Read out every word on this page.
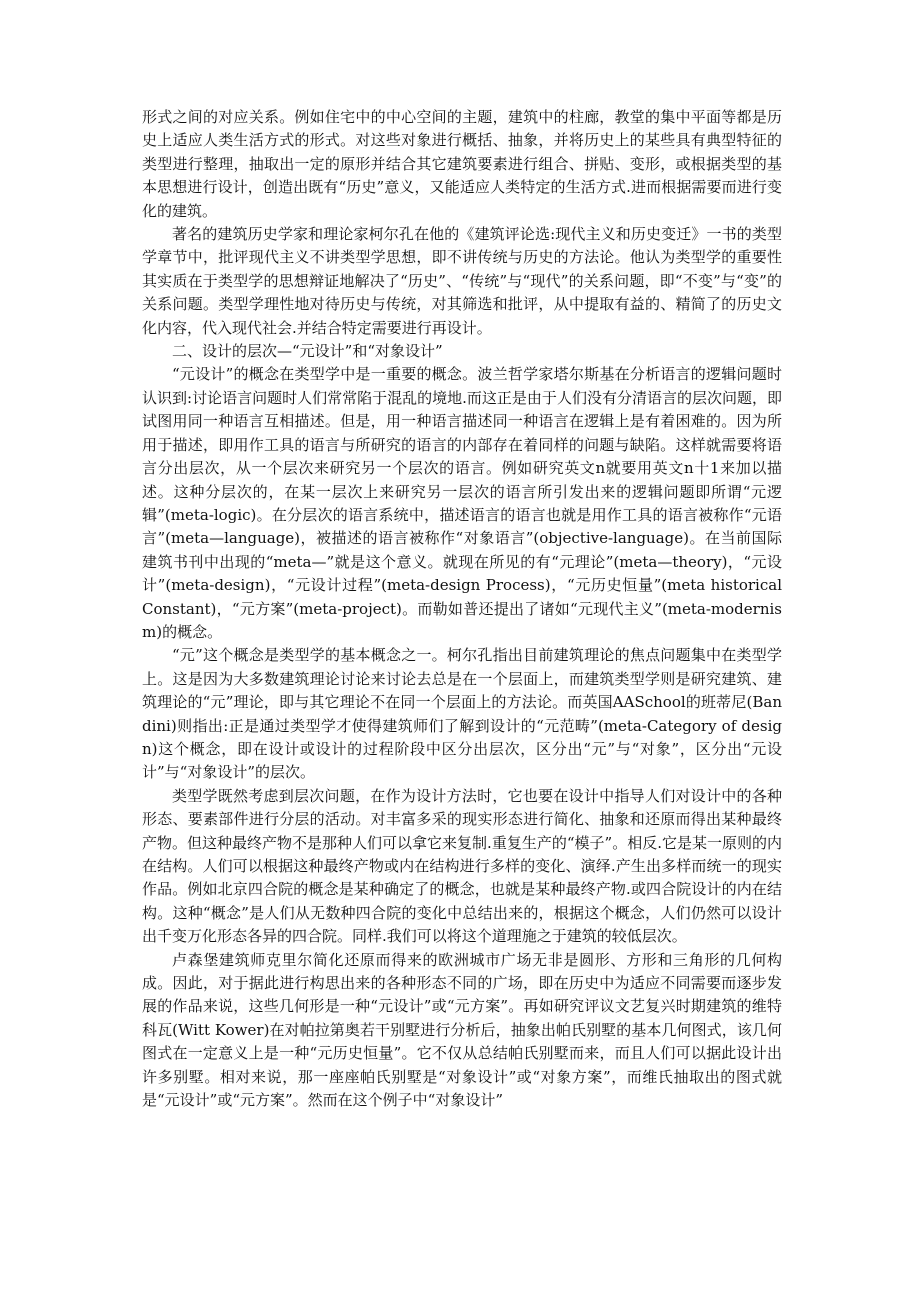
形式之间的对应关系。例如住宅中的中心空间的主题，建筑中的柱廊，教堂的集中平面等都是历史上适应人类生活方式的形式。对这些对象进行概括、抽象，并将历史上的某些具有典型特征的类型进行整理，抽取出一定的原形并结合其它建筑要素进行组合、拼贴、变形，或根据类型的基本思想进行设计，创造出既有“历史”意义，又能适应人类特定的生活方式.进而根据需要而进行变化的建筑。

著名的建筑历史学家和理论家柯尔孔在他的《建筑评论选:现代主义和历史变迁》一书的类型学章节中，批评现代主义不讲类型学思想，即不讲传统与历史的方法论。他认为类型学的重要性其实质在于类型学的思想辩证地解决了“历史”、“传统”与“现代”的关系问题，即“不变”与“变”的关系问题。类型学理性地对待历史与传统，对其筛选和批评，从中提取有益的、精简了的历史文化内容，代入现代社会.并结合特定需要进行再设计。

二、设计的层次—“元设计”和“对象设计”

“元设计”的概念在类型学中是一重要的概念。波兰哲学家塔尔斯基在分析语言的逻辑问题时认识到:讨论语言问题时人们常常陷于混乱的境地.而这正是由于人们没有分清语言的层次问题，即试图用同一种语言互相描述。但是，用一种语言描述同一种语言在逻辑上是有着困难的。因为所用于描述，即用作工具的语言与所研究的语言的内部存在着同样的问题与缺陷。这样就需要将语言分出层次，从一个层次来研究另一个层次的语言。例如研究英文n就要用英文n十1来加以描述。这种分层次的，在某一层次上来研究另一层次的语言所引发出来的逻辑问题即所谓“元逻辑”(meta-logic)。在分层次的语言系统中，描述语言的语言也就是用作工具的语言被称作“元语言”(meta—language)，被描述的语言被称作“对象语言”(objective-language)。在当前国际建筑书刊中出现的“meta—”就是这个意义。就现在所见的有“元理论”(meta—theory)，“元设计”(meta-design)，“元设计过程”(meta-design Process)，“元历史恒量”(meta historical Constant)，“元方案”(meta-project)。而勒如普还提出了诸如“元现代主义”(meta-modernism)的概念。

“元”这个概念是类型学的基本概念之一。柯尔孔指出目前建筑理论的焦点问题集中在类型学上。这是因为大多数建筑理论讨论来讨论去总是在一个层面上，而建筑类型学则是研究建筑、建筑理论的“元”理论，即与其它理论不在同一个层面上的方法论。而英国AASchool的班蒂尼(Bandini)则指出:正是通过类型学才使得建筑师们了解到设计的“元范畴”(meta-Category of design)这个概念，即在设计或设计的过程阶段中区分出层次，区分出“元”与“对象”，区分出“元设计”与“对象设计”的层次。

类型学既然考虑到层次问题，在作为设计方法时，它也要在设计中指导人们对设计中的各种形态、要素部件进行分层的活动。对丰富多采的现实形态进行简化、抽象和还原而得出某种最终产物。但这种最终产物不是那种人们可以拿它来复制.重复生产的“模子”。相反.它是某一原则的内在结构。人们可以根据这种最终产物或内在结构进行多样的变化、演绎.产生出多样而统一的现实作品。例如北京四合院的概念是某种确定了的概念，也就是某种最终产物.或四合院设计的内在结构。这种“概念”是人们从无数种四合院的变化中总结出来的，根据这个概念，人们仍然可以设计出千变万化形态各异的四合院。同样.我们可以将这个道理施之于建筑的较低层次。

卢森堡建筑师克里尔简化还原而得来的欧洲城市广场无非是圆形、方形和三角形的几何构成。因此，对于据此进行构思出来的各种形态不同的广场，即在历史中为适应不同需要而逐步发展的作品来说，这些几何形是一种“元设计”或“元方案”。再如研究评议文艺复兴时期建筑的维特科瓦(Witt Kower)在对帕拉第奥若干别墅进行分析后，抽象出帕氏别墅的基本几何图式，该几何图式在一定意义上是一种“元历史恒量”。它不仅从总结帕氏别墅而来，而且人们可以据此设计出许多别墅。相对来说，那一座座帕氏别墅是“对象设计”或“对象方案”，而维氏抽取出的图式就是“元设计”或“元方案”。然而在这个例子中“对象设计”
